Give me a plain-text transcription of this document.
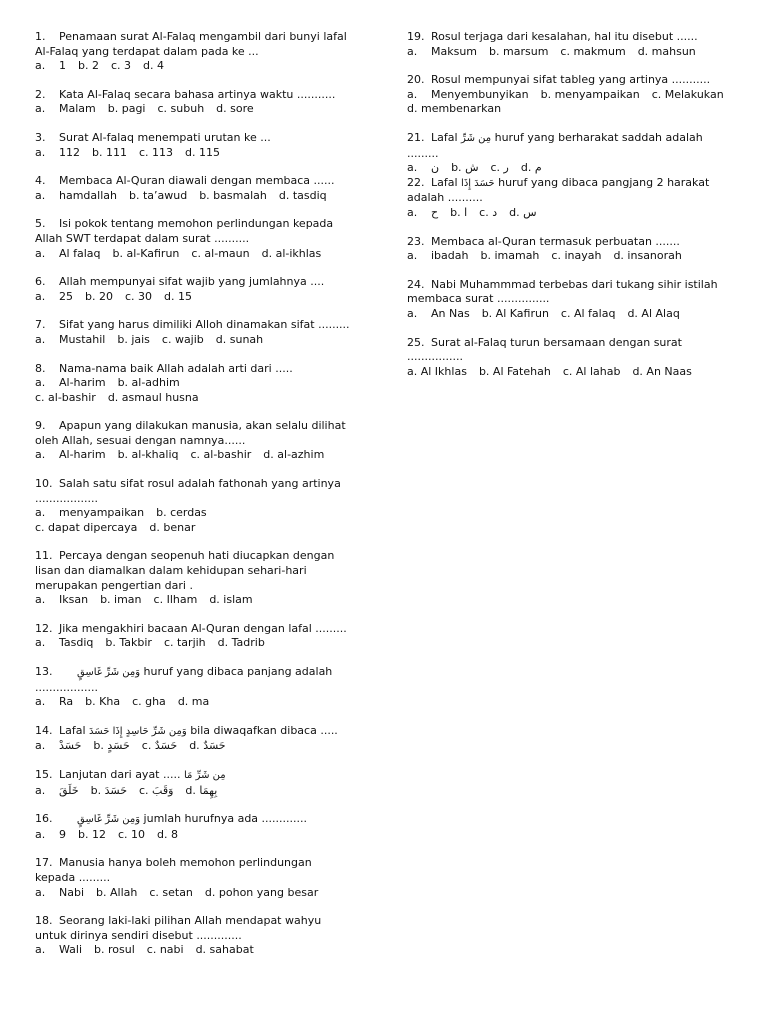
1. Penamaan surat Al-Falaq mengambil dari bunyi lafal

Al-Falaq yang terdapat dalam pada ke ...

a. 1 b. 2 c. 3 d. 4

2. Kata Al-Falaq secara bahasa artinya waktu ...........

a. Malam b. pagi c. subuh d. sore

3. Surat Al-falaq menempati urutan ke ...

a. 112 b. 111 c. 113 d. 115

4. Membaca Al-Quran diawali dengan membaca ......

a. hamdallah b. ta’awud b. basmalah d. tasdiq

5. Isi pokok tentang memohon perlindungan kepada

Allah SWT terdapat dalam surat ..........

a. Al falaq b. al-Kafirun c. al-maun d. al-ikhlas

6. Allah mempunyai sifat wajib yang jumlahnya ....

a. 25 b. 20 c. 30 d. 15

7. Sifat yang harus dimiliki Alloh dinamakan sifat .........

a. Mustahil b. jais c. wajib d. sunah

8. Nama-nama baik Allah adalah arti dari .....

a. Al-harim b. al-adhim

c. al-bashir d. asmaul husna

9. Apapun yang dilakukan manusia, akan selalu dilihat

oleh Allah, sesuai dengan namnya......

a. Al-harim b. al-khaliq c. al-bashir d. al-azhim

10. Salah satu sifat rosul adalah fathonah yang artinya

..................

a. menyampaikan b. cerdas

c. dapat dipercaya d. benar

11. Percaya dengan seopenuh hati diucapkan dengan

lisan dan diamalkan dalam kehidupan sehari-hari

merupakan pengertian dari .

a. Iksan b. iman c. Ilham d. islam

12. Jika mengakhiri bacaan Al-Quran dengan lafal .........

a. Tasdiq b. Takbir c. tarjih d. Tadrib

13. وَمِن شَرِّ غَاسِقٍ huruf yang dibaca panjang adalah

..................

a. Ra b. Kha c. gha d. ma

14. Lafal وَمِن شَرِّ حَاسِدٍ إِذَا حَسَدَ bila diwaqafkan dibaca .....

a. حَسَدْ b. حَسَدٍ c. حَسَدٌ d. حَسَدٌ

15. Lanjutan dari ayat ..... مِن شَرِّ مَا

a. خَلَقَ b. حَسَدَ c. وَقَبَ d. بِهِمَا

16. وَمِن شَرِّ غَاسِقٍ jumlah hurufnya ada .............

a. 9 b. 12 c. 10 d. 8

17. Manusia hanya boleh memohon perlindungan

kepada .........

a. Nabi b. Allah c. setan d. pohon yang besar

18. Seorang laki-laki pilihan Allah mendapat wahyu

untuk dirinya sendiri disebut .............

a. Wali b. rosul c. nabi d. sahabat

19. Rosul terjaga dari kesalahan, hal itu disebut ......

a. Maksum b. marsum c. makmum d. mahsun

20. Rosul mempunyai sifat tableg yang artinya ...........

a. Menyembunyikan b. menyampaikan c. Melakukan

d. membenarkan

21. Lafal مِن شَرِّ huruf yang berharakat saddah adalah

.........

a. ن b. ش c. ر d. م

22. Lafal حَسَدَ إِذَا huruf yang dibaca pangjang 2 harakat

adalah ..........

a. ح b. ا c. د d. س

23. Membaca al-Quran termasuk perbuatan .......

a. ibadah b. imamah c. inayah d. insanorah

24. Nabi Muhammmad terbebas dari tukang sihir istilah

membaca surat ...............

a. An Nas b. Al Kafirun c. Al falaq d. Al Alaq

25. Surat al-Falaq turun bersamaan dengan surat

................

a. Al Ikhlas b. Al Fatehah c. Al lahab d. An Naas
